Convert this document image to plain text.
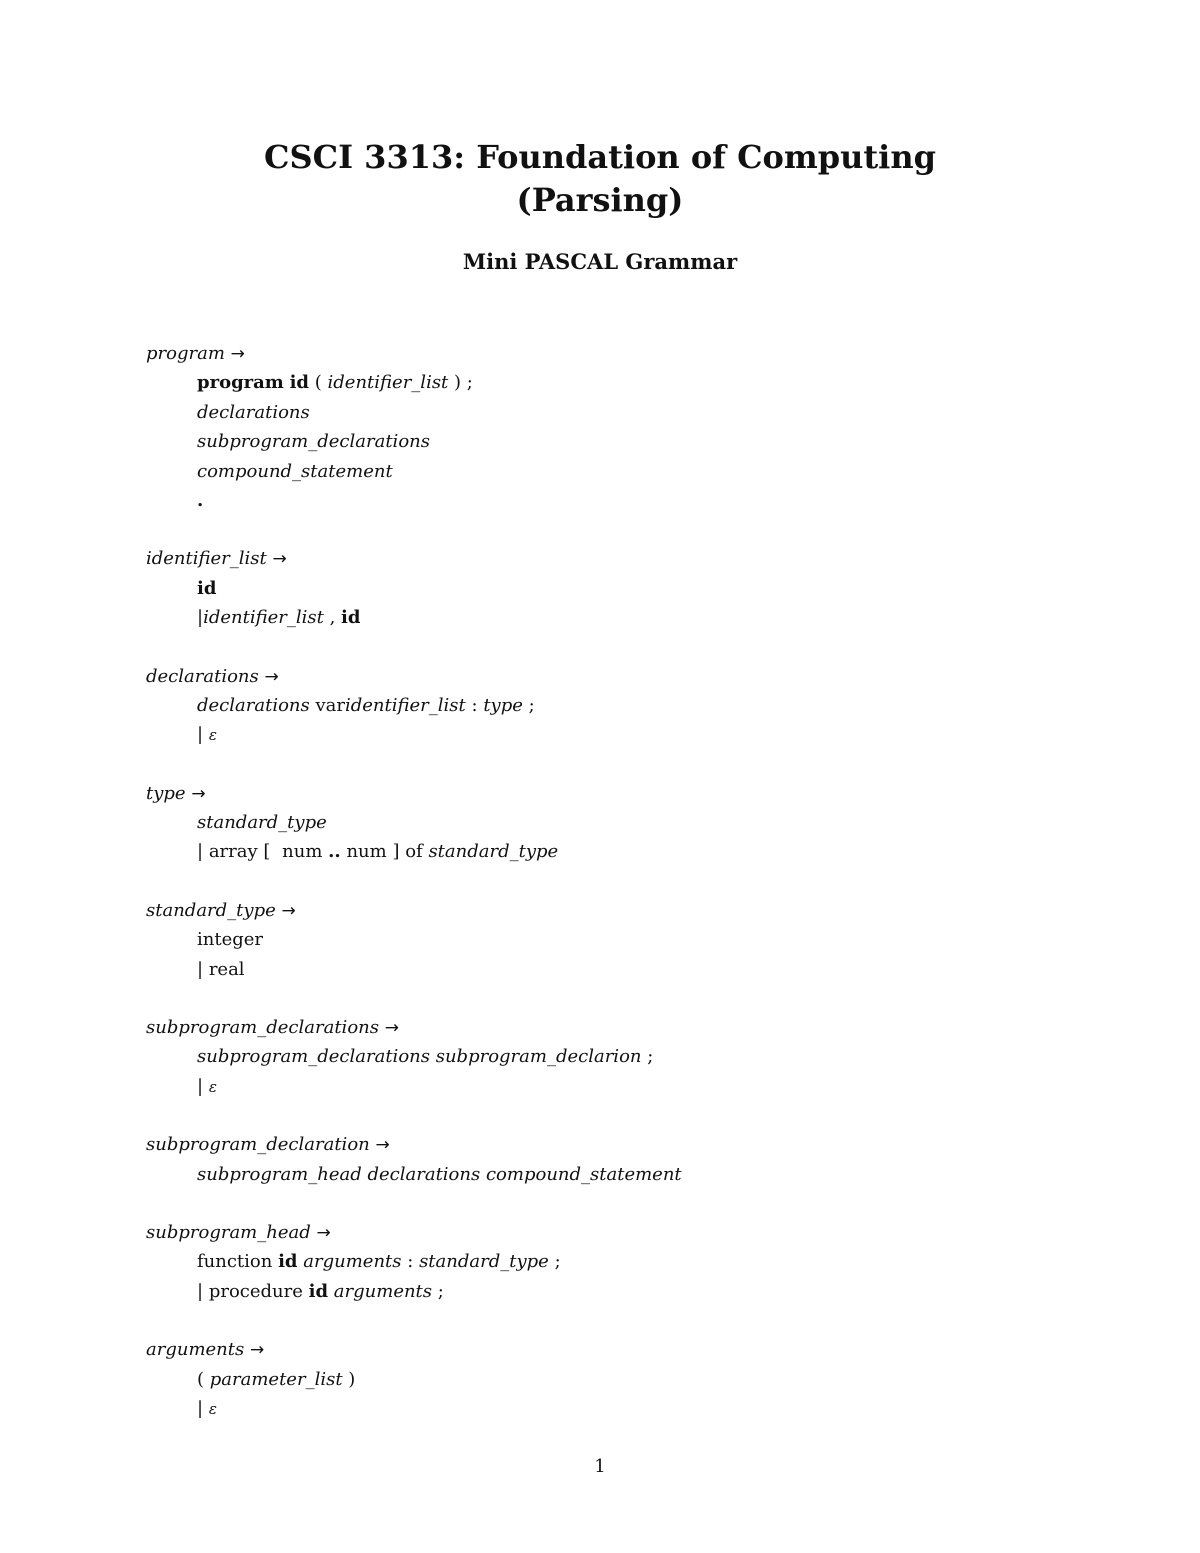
CSCI 3313: Foundation of Computing
(Parsing)
Mini PASCAL Grammar
program →
program id ( identifier_list ) ;
declarations
subprogram_declarations
compound_statement
.
identifier_list →
id
|identifier_list , id
declarations →
declarations varidentifier_list : type ;
| ε
type →
standard_type
| array [ num .. num ] of standard_type
standard_type →
integer
| real
subprogram_declarations →
subprogram_declarations subprogram_declarion ;
| ε
subprogram_declaration →
subprogram_head declarations compound_statement
subprogram_head →
function id arguments : standard_type ;
| procedure id arguments ;
arguments →
( parameter_list )
| ε
1
